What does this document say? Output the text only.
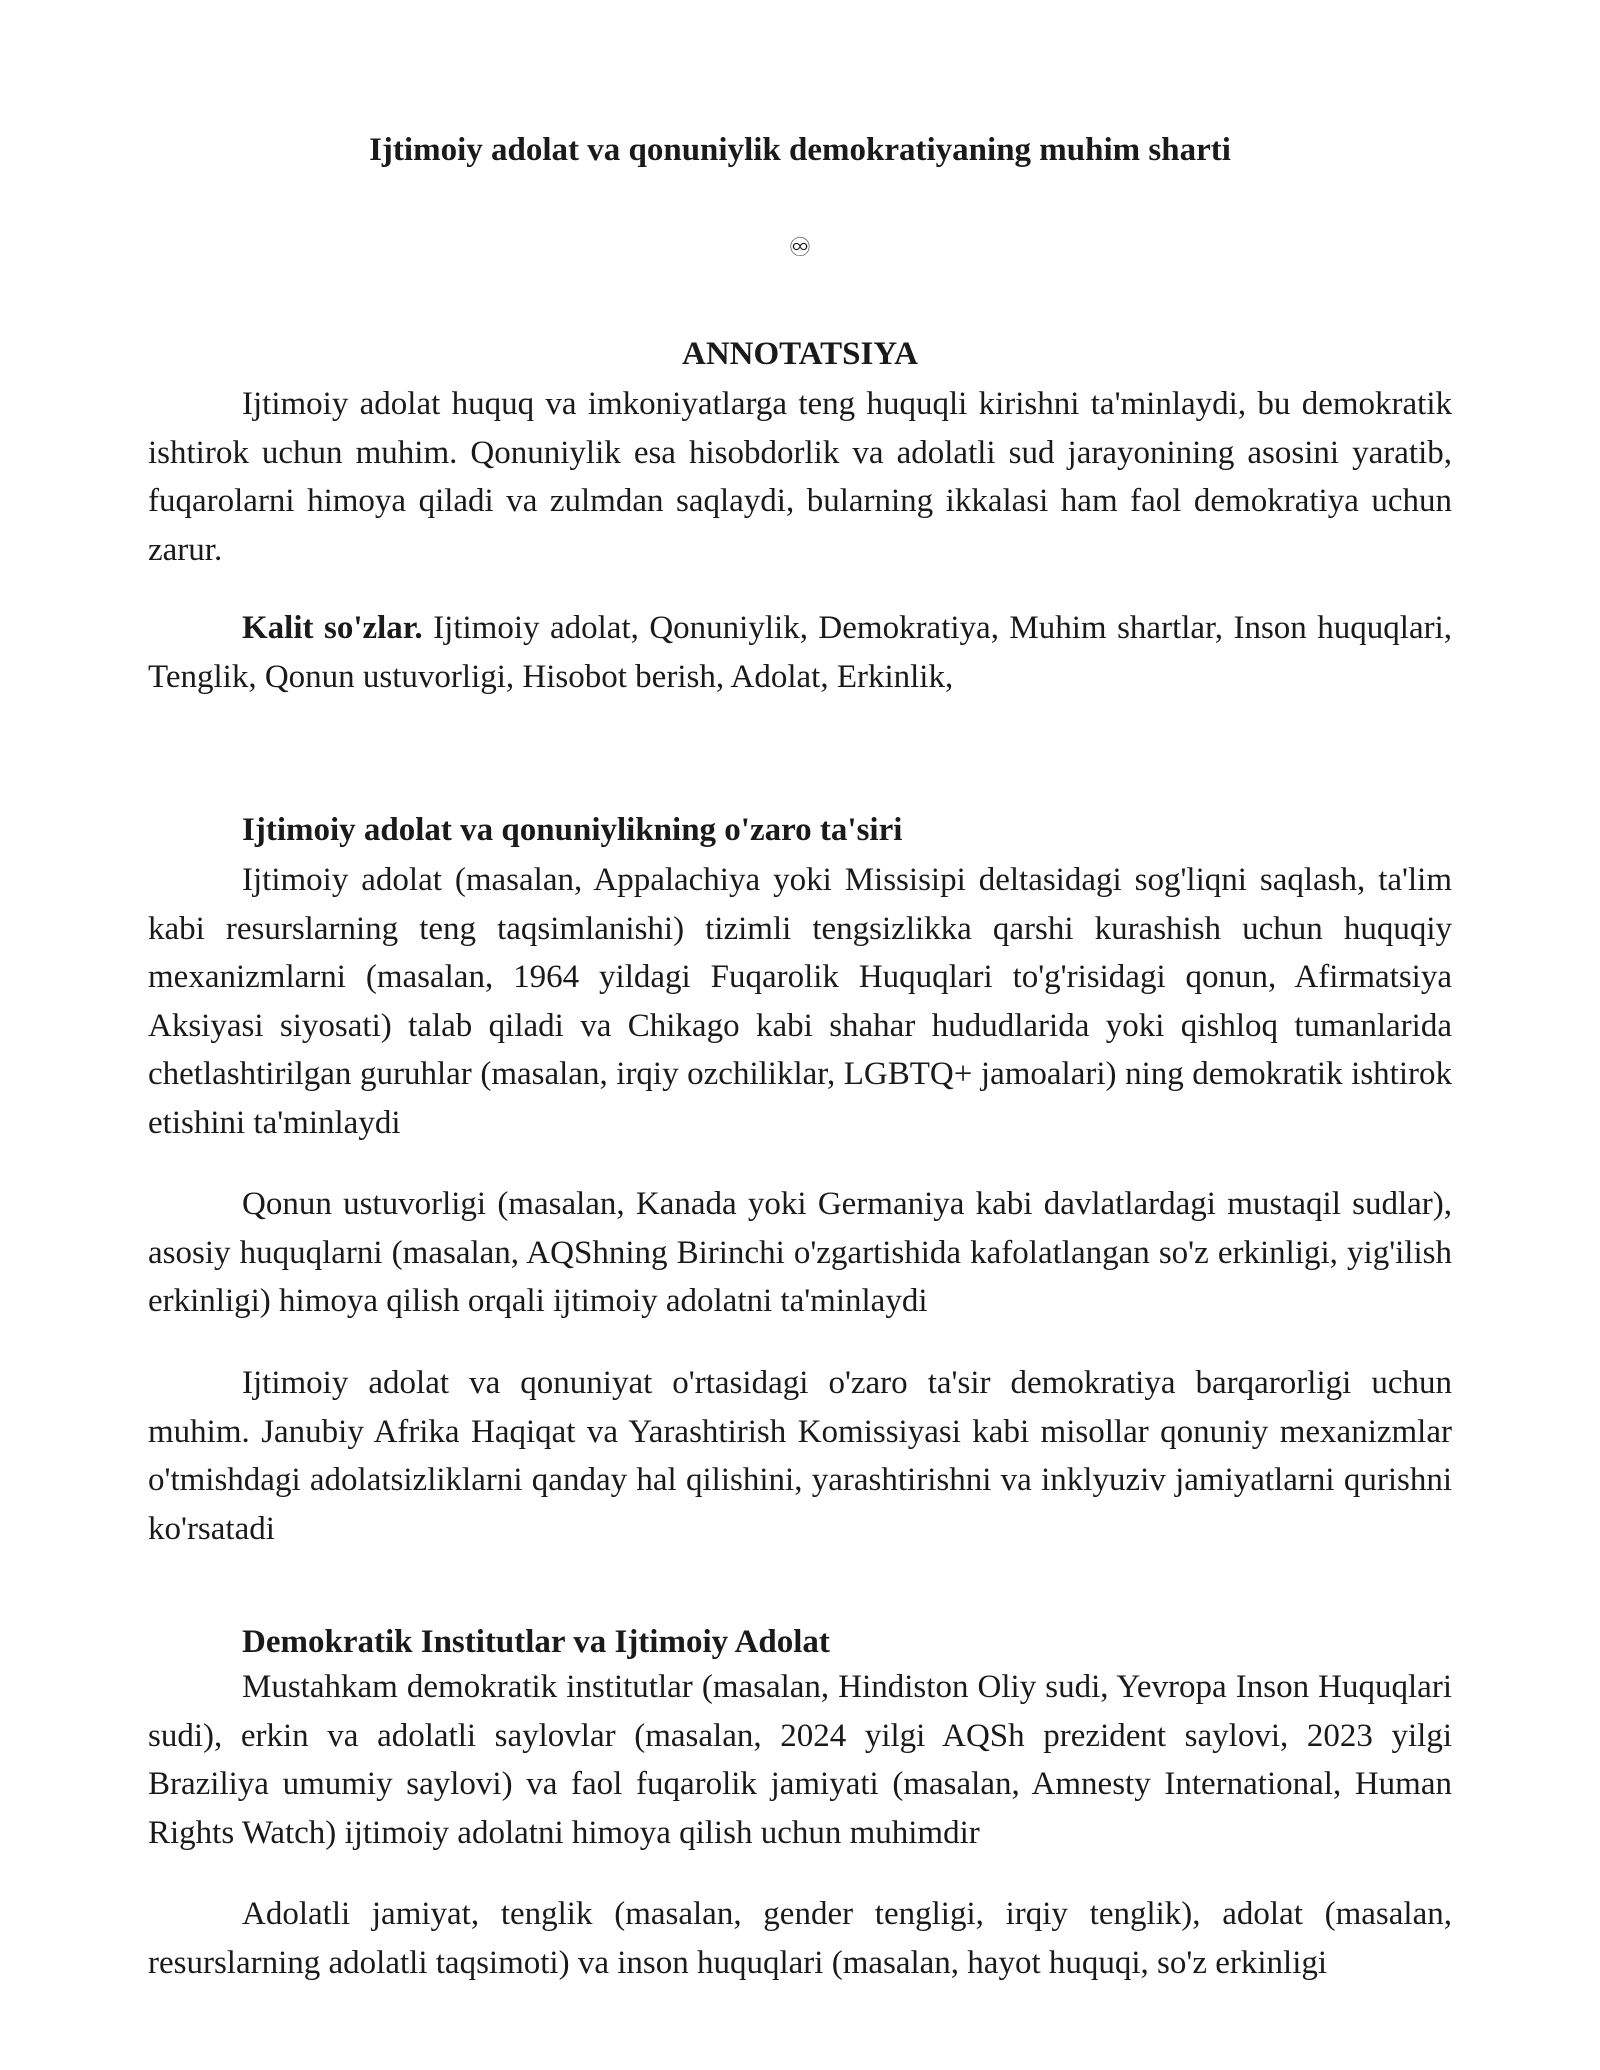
Ijtimoiy adolat va qonuniylik demokratiyaning muhim sharti
♾
ANNOTATSIYA

Ijtimoiy adolat huquq va imkoniyatlarga teng huquqli kirishni ta'minlaydi, bu demokratik ishtirok uchun muhim. Qonuniylik esa hisobdorlik va adolatli sud jarayonining asosini yaratib, fuqarolarni himoya qiladi va zulmdan saqlaydi, bularning ikkalasi ham faol demokratiya uchun zarur.

Kalit so'zlar. Ijtimoiy adolat, Qonuniylik, Demokratiya, Muhim shartlar, Inson huquqlari, Tenglik, Qonun ustuvorligi, Hisobot berish, Adolat, Erkinlik,

Ijtimoiy adolat va qonuniylikning o'zaro ta'siri

Ijtimoiy adolat (masalan, Appalachiya yoki Missisipi deltasidagi sog'liqni saqlash, ta'lim kabi resurslarning teng taqsimlanishi) tizimli tengsizlikka qarshi kurashish uchun huquqiy mexanizmlarni (masalan, 1964 yildagi Fuqarolik Huquqlari to'g'risidagi qonun, Afirmatsiya Aksiyasi siyosati) talab qiladi va Chikago kabi shahar hududlarida yoki qishloq tumanlarida chetlashtirilgan guruhlar (masalan, irqiy ozchiliklar, LGBTQ+ jamoalari) ning demokratik ishtirok etishini ta'minlaydi

Qonun ustuvorligi (masalan, Kanada yoki Germaniya kabi davlatlardagi mustaqil sudlar), asosiy huquqlarni (masalan, AQShning Birinchi o'zgartishida kafolatlangan so'z erkinligi, yig'ilish erkinligi) himoya qilish orqali ijtimoiy adolatni ta'minlaydi

Ijtimoiy adolat va qonuniyat o'rtasidagi o'zaro ta'sir demokratiya barqarorligi uchun muhim. Janubiy Afrika Haqiqat va Yarashtirish Komissiyasi kabi misollar qonuniy mexanizmlar o'tmishdagi adolatsizliklarni qanday hal qilishini, yarashtirishni va inklyuziv jamiyatlarni qurishni ko'rsatadi

Demokratik Institutlar va Ijtimoiy Adolat

Mustahkam demokratik institutlar (masalan, Hindiston Oliy sudi, Yevropa Inson Huquqlari sudi), erkin va adolatli saylovlar (masalan, 2024 yilgi AQSh prezident saylovi, 2023 yilgi Braziliya umumiy saylovi) va faol fuqarolik jamiyati (masalan, Amnesty International, Human Rights Watch) ijtimoiy adolatni himoya qilish uchun muhimdir

Adolatli jamiyat, tenglik (masalan, gender tengligi, irqiy tenglik), adolat (masalan, resurslarning adolatli taqsimoti) va inson huquqlari (masalan, hayot huquqi, so'z erkinligi
